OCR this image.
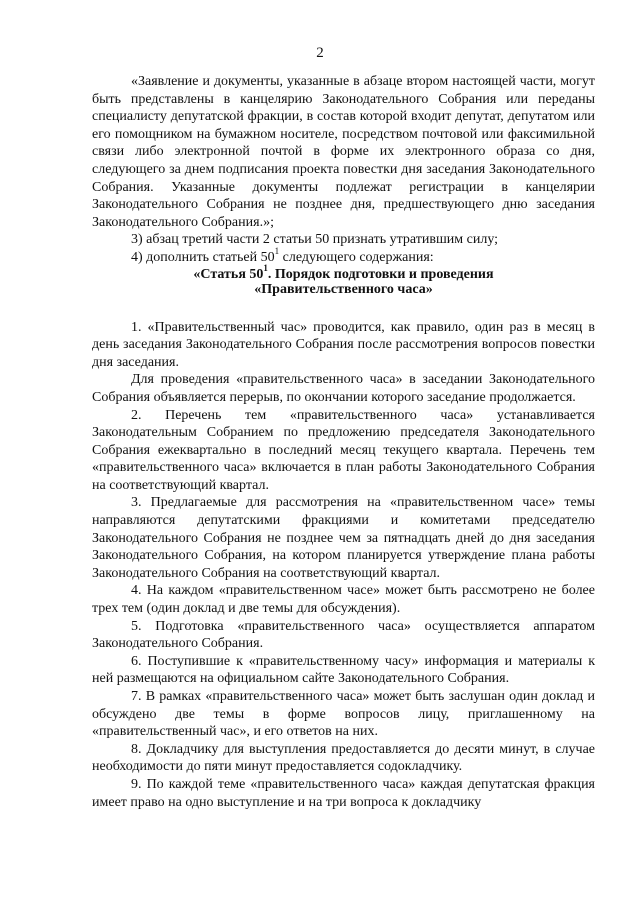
2

«Заявление и документы, указанные в абзаце втором настоящей части, могут быть представлены в канцелярию Законодательного Собрания или переданы специалисту депутатской фракции, в состав которой входит депутат, депутатом или его помощником на бумажном носителе, посредством почтовой или факсимильной связи либо электронной почтой в форме их электронного образа со дня, следующего за днем подписания проекта повестки дня заседания Законодательного Собрания. Указанные документы подлежат регистрации в канцелярии Законодательного Собрания не позднее дня, предшествующего дню заседания Законодательного Собрания.»;

3) абзац третий части 2 статьи 50 признать утратившим силу;

4) дополнить статьей $50^1$ следующего содержания:

«Статья $50^1$. Порядок подготовки и проведения
«Правительственного часа»

1. «Правительственный час» проводится, как правило, один раз в месяц в день заседания Законодательного Собрания после рассмотрения вопросов повестки дня заседания.

Для проведения «правительственного часа» в заседании Законодательного Собрания объявляется перерыв, по окончании которого заседание продолжается.

2. Перечень тем «правительственного часа» устанавливается Законодательным Собранием по предложению председателя Законодательного Собрания ежеквартально в последний месяц текущего квартала. Перечень тем «правительственного часа» включается в план работы Законодательного Собрания на соответствующий квартал.

3. Предлагаемые для рассмотрения на «правительственном часе» темы направляются депутатскими фракциями и комитетами председателю Законодательного Собрания не позднее чем за пятнадцать дней до дня заседания Законодательного Собрания, на котором планируется утверждение плана работы Законодательного Собрания на соответствующий квартал.

4. На каждом «правительственном часе» может быть рассмотрено не более трех тем (один доклад и две темы для обсуждения).

5. Подготовка «правительственного часа» осуществляется аппаратом Законодательного Собрания.

6. Поступившие к «правительственному часу» информация и материалы к ней размещаются на официальном сайте Законодательного Собрания.

7. В рамках «правительственного часа» может быть заслушан один доклад и обсуждено две темы в форме вопросов лицу, приглашенному на «правительственный час», и его ответов на них.

8. Докладчику для выступления предоставляется до десяти минут, в случае необходимости до пяти минут предоставляется содокладчику.

9. По каждой теме «правительственного часа» каждая депутатская фракция имеет право на одно выступление и на три вопроса к докладчику
